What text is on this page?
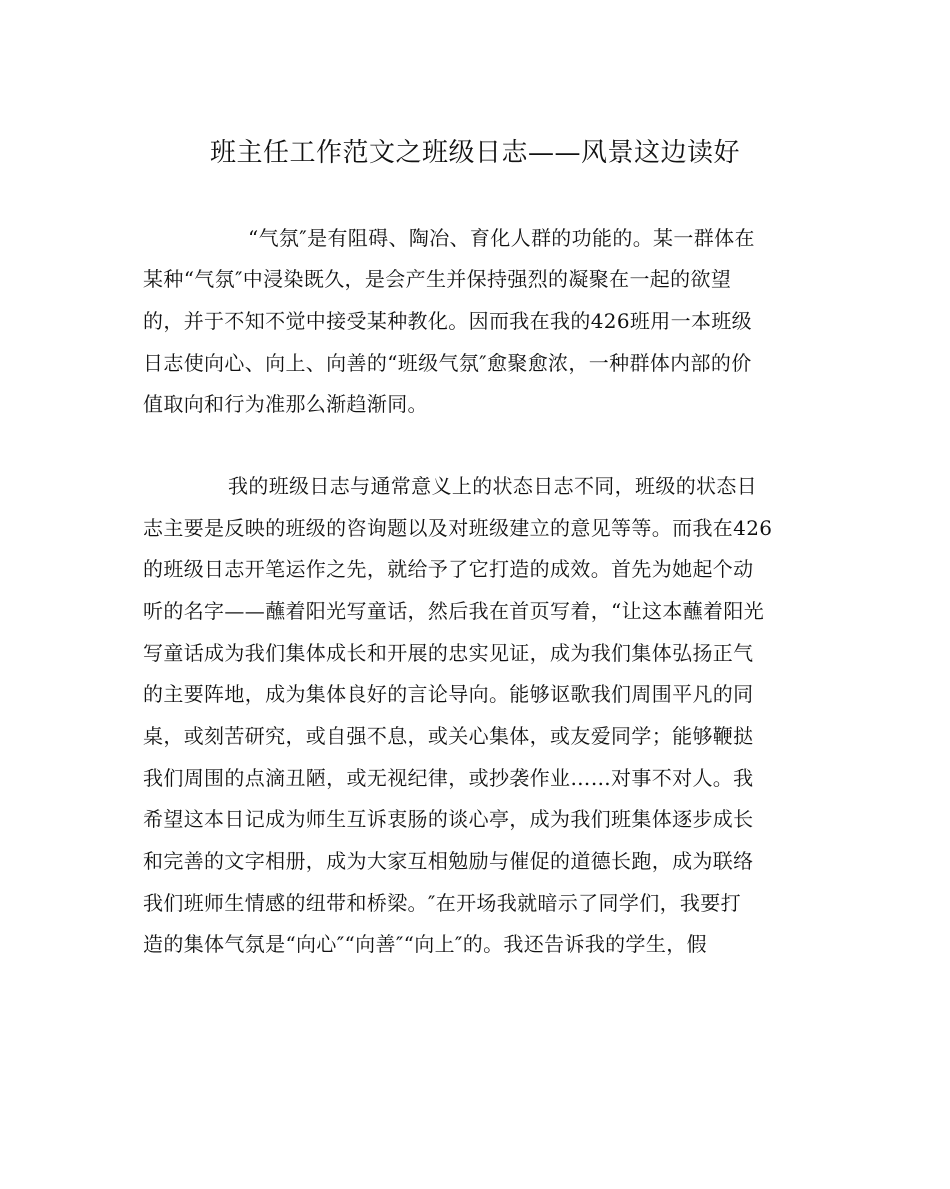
班主任工作范文之班级日志——风景这边读好
“气氛″是有阻碍、陶冶、育化人群的功能的。某一群体在
某种“气氛″中浸染既久，是会产生并保持强烈的凝聚在一起的欲望
的，并于不知不觉中接受某种教化。因而我在我的426班用一本班级
日志使向心、向上、向善的“班级气氛″愈聚愈浓，一种群体内部的价
值取向和行为准那么渐趋渐同。
我的班级日志与通常意义上的状态日志不同，班级的状态日
志主要是反映的班级的咨询题以及对班级建立的意见等等。而我在426
的班级日志开笔运作之先，就给予了它打造的成效。首先为她起个动
听的名字——蘸着阳光写童话，然后我在首页写着，“让这本蘸着阳光
写童话成为我们集体成长和开展的忠实见证，成为我们集体弘扬正气
的主要阵地，成为集体良好的言论导向。能够讴歌我们周围平凡的同
桌，或刻苦研究，或自强不息，或关心集体，或友爱同学；能够鞭挞
我们周围的点滴丑陋，或无视纪律，或抄袭作业……对事不对人。我
希望这本日记成为师生互诉衷肠的谈心亭，成为我们班集体逐步成长
和完善的文字相册，成为大家互相勉励与催促的道德长跑，成为联络
我们班师生情感的纽带和桥梁。″在开场我就暗示了同学们，我要打
造的集体气氛是“向心″“向善″“向上″的。我还告诉我的学生，假
